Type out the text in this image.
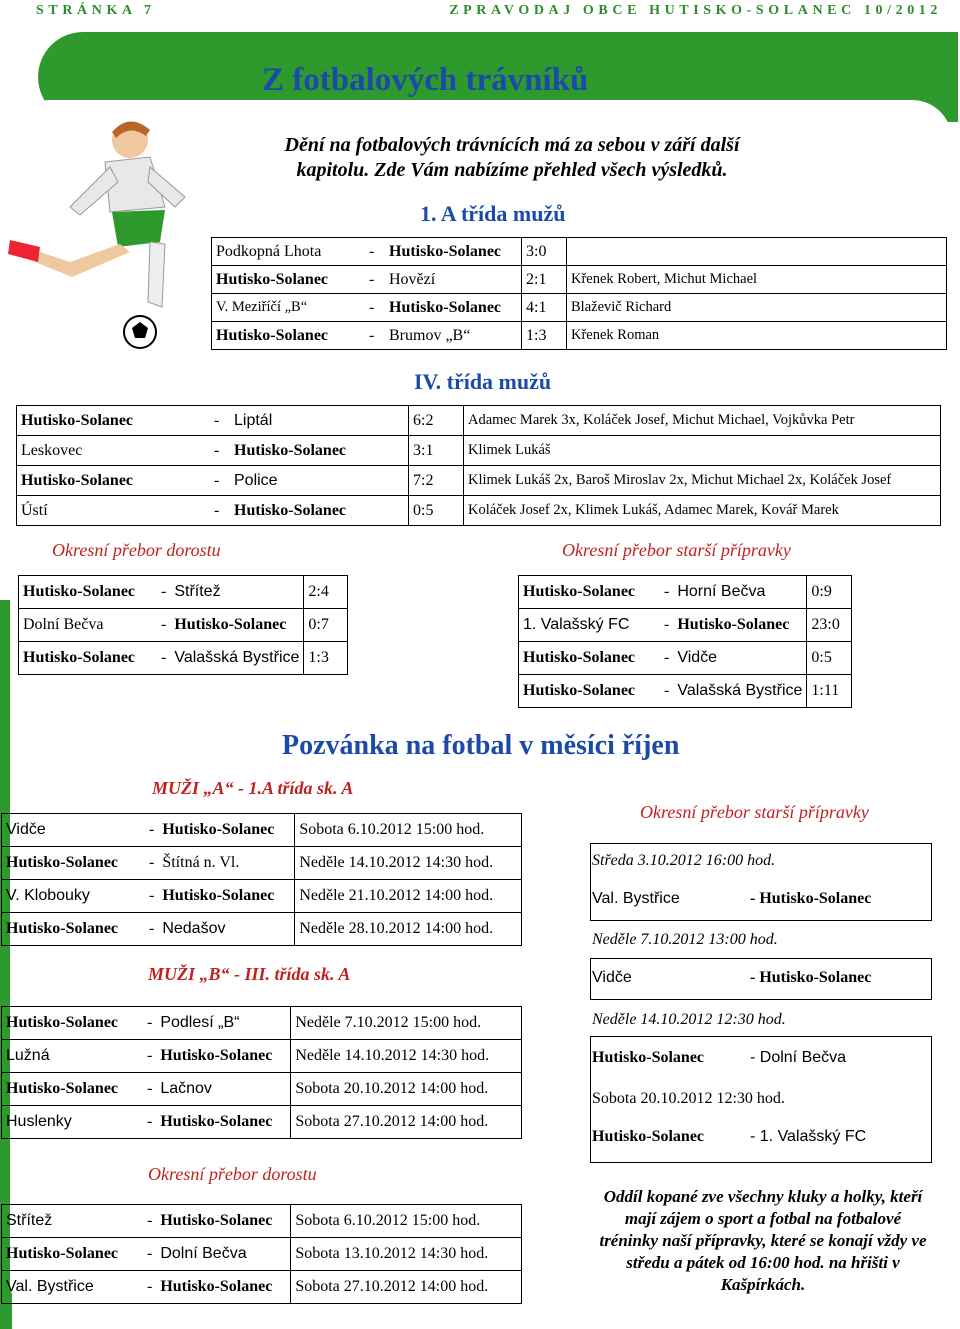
STRÁNKA 7	ZPRAVODAJ OBCE HUTISKO-SOLANEC 10/2012
Z fotbalových trávníků
Dění na fotbalových trávnících má za sebou v září další kapitolu. Zde Vám nabízíme přehled všech výsledků.
1. A třída mužů
Podkopná Lhota	-	Hutisko-Solanec	3:0	
Hutisko-Solanec	-	Hovězí	2:1	Křenek Robert, Michut Michael
V. Meziříčí „B“	-	Hutisko-Solanec	4:1	Blaževič Richard
Hutisko-Solanec	-	Brumov „B“	1:3	Křenek Roman
IV. třída mužů
Hutisko-Solanec	-	Liptál	6:2	Adamec Marek 3x, Koláček Josef, Michut Michael, Vojkůvka Petr
Leskovec	-	Hutisko-Solanec	3:1	Klimek Lukáš
Hutisko-Solanec	-	Police	7:2	Klimek Lukáš 2x, Baroš Miroslav 2x, Michut Michael 2x, Koláček Josef
Ústí	-	Hutisko-Solanec	0:5	Koláček Josef 2x, Klimek Lukáš, Adamec Marek, Kovář Marek
Okresní přebor dorostu
Hutisko-Solanec	-	Střítež	2:4
Dolní Bečva	-	Hutisko-Solanec	0:7
Hutisko-Solanec	-	Valašská Bystřice	1:3
Okresní přebor starší přípravky
Hutisko-Solanec	-	Horní Bečva	0:9
1. Valašský FC	-	Hutisko-Solanec	23:0
Hutisko-Solanec	-	Vidče	0:5
Hutisko-Solanec	-	Valašská Bystřice	1:11
Pozvánka na fotbal v měsíci říjen
MUŽI „A“ - 1.A třída sk. A
Vidče	-	Hutisko-Solanec	Sobota 6.10.2012 15:00 hod.
Hutisko-Solanec	-	Štítná n. Vl.	Neděle 14.10.2012 14:30 hod.
V. Klobouky	-	Hutisko-Solanec	Neděle 21.10.2012 14:00 hod.
Hutisko-Solanec	-	Nedašov	Neděle 28.10.2012 14:00 hod.
MUŽI „B“ - III. třída sk. A
Hutisko-Solanec	-	Podlesí „B“	Neděle 7.10.2012 15:00 hod.
Lužná	-	Hutisko-Solanec	Neděle 14.10.2012 14:30 hod.
Hutisko-Solanec	-	Lačnov	Sobota 20.10.2012 14:00 hod.
Huslenky	-	Hutisko-Solanec	Sobota 27.10.2012 14:00 hod.
Okresní přebor dorostu
Střítež	-	Hutisko-Solanec	Sobota 6.10.2012 15:00 hod.
Hutisko-Solanec	-	Dolní Bečva	Sobota 13.10.2012 14:30 hod.
Val. Bystřice	-	Hutisko-Solanec	Sobota 27.10.2012 14:00 hod.
Okresní přebor starší přípravky
Středa 3.10.2012 16:00 hod.
Val. Bystřice	- Hutisko-Solanec
Neděle 7.10.2012 13:00 hod.
Vidče	- Hutisko-Solanec
Neděle 14.10.2012 12:30 hod.
Hutisko-Solanec	- Dolní Bečva
Sobota 20.10.2012 12:30 hod.
Hutisko-Solanec	- 1. Valašský FC
Oddíl kopané zve všechny kluky a holky, kteří mají zájem o sport a fotbal na fotbalové tréninky naší přípravky, které se konají vždy ve středu a pátek od 16:00 hod. na hřišti v Kašpírkách.
